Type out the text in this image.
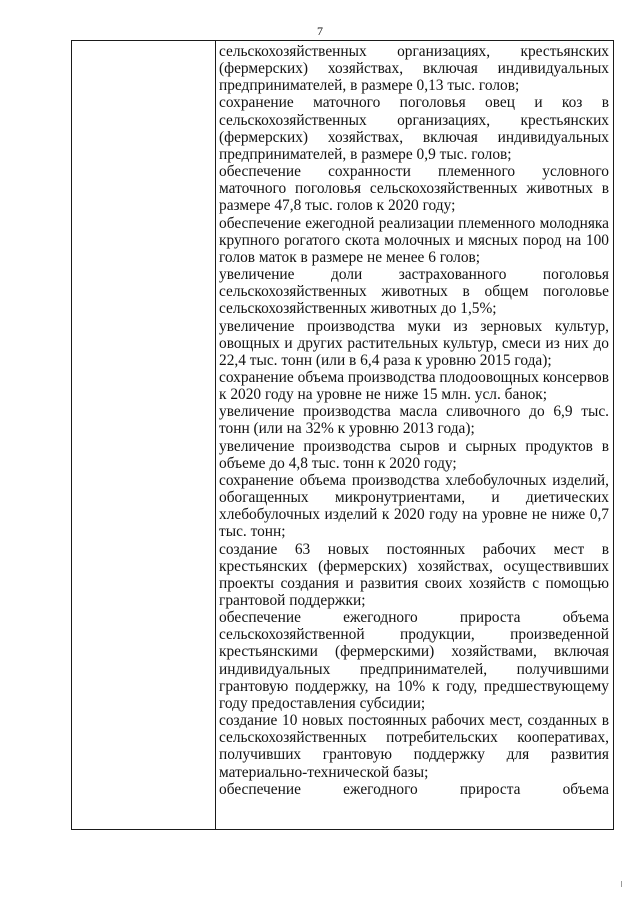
7

сельскохозяйственных организациях, крестьянских (фермерских) хозяйствах, включая индивидуальных предпринимателей, в размере 0,13 тыс. голов;

сохранение маточного поголовья овец и коз в сельскохозяйственных организациях, крестьянских (фермерских) хозяйствах, включая индивидуальных предпринимателей, в размере 0,9 тыс. голов;

обеспечение сохранности племенного условного маточного поголовья сельскохозяйственных животных в размере 47,8 тыс. голов к 2020 году;

обеспечение ежегодной реализации племенного молодняка крупного рогатого скота молочных и мясных пород на 100 голов маток в размере не менее 6 голов;

увеличение доли застрахованного поголовья сельскохозяйственных животных в общем поголовье сельскохозяйственных животных до 1,5%;

увеличение производства муки из зерновых культур, овощных и других растительных культур, смеси из них до 22,4 тыс. тонн (или в 6,4 раза к уровню 2015 года);

сохранение объема производства плодоовощных консервов к 2020 году на уровне не ниже 15 млн. усл. банок;

увеличение производства масла сливочного до 6,9 тыс. тонн (или на 32% к уровню 2013 года);

увеличение производства сыров и сырных продуктов в объеме до 4,8 тыс. тонн к 2020 году;

сохранение объема производства хлебобулочных изделий, обогащенных микронутриентами, и диетических хлебобулочных изделий к 2020 году на уровне не ниже 0,7 тыс. тонн;

создание 63 новых постоянных рабочих мест в крестьянских (фермерских) хозяйствах, осуществивших проекты создания и развития своих хозяйств с помощью грантовой поддержки;

обеспечение ежегодного прироста объема сельскохозяйственной продукции, произведенной крестьянскими (фермерскими) хозяйствами, включая индивидуальных предпринимателей, получившими грантовую поддержку, на 10% к году, предшествующему году предоставления субсидии;

создание 10 новых постоянных рабочих мест, созданных в сельскохозяйственных потребительских кооперативах, получивших грантовую поддержку для развития материально-технической базы;

обеспечение ежегодного прироста объема
